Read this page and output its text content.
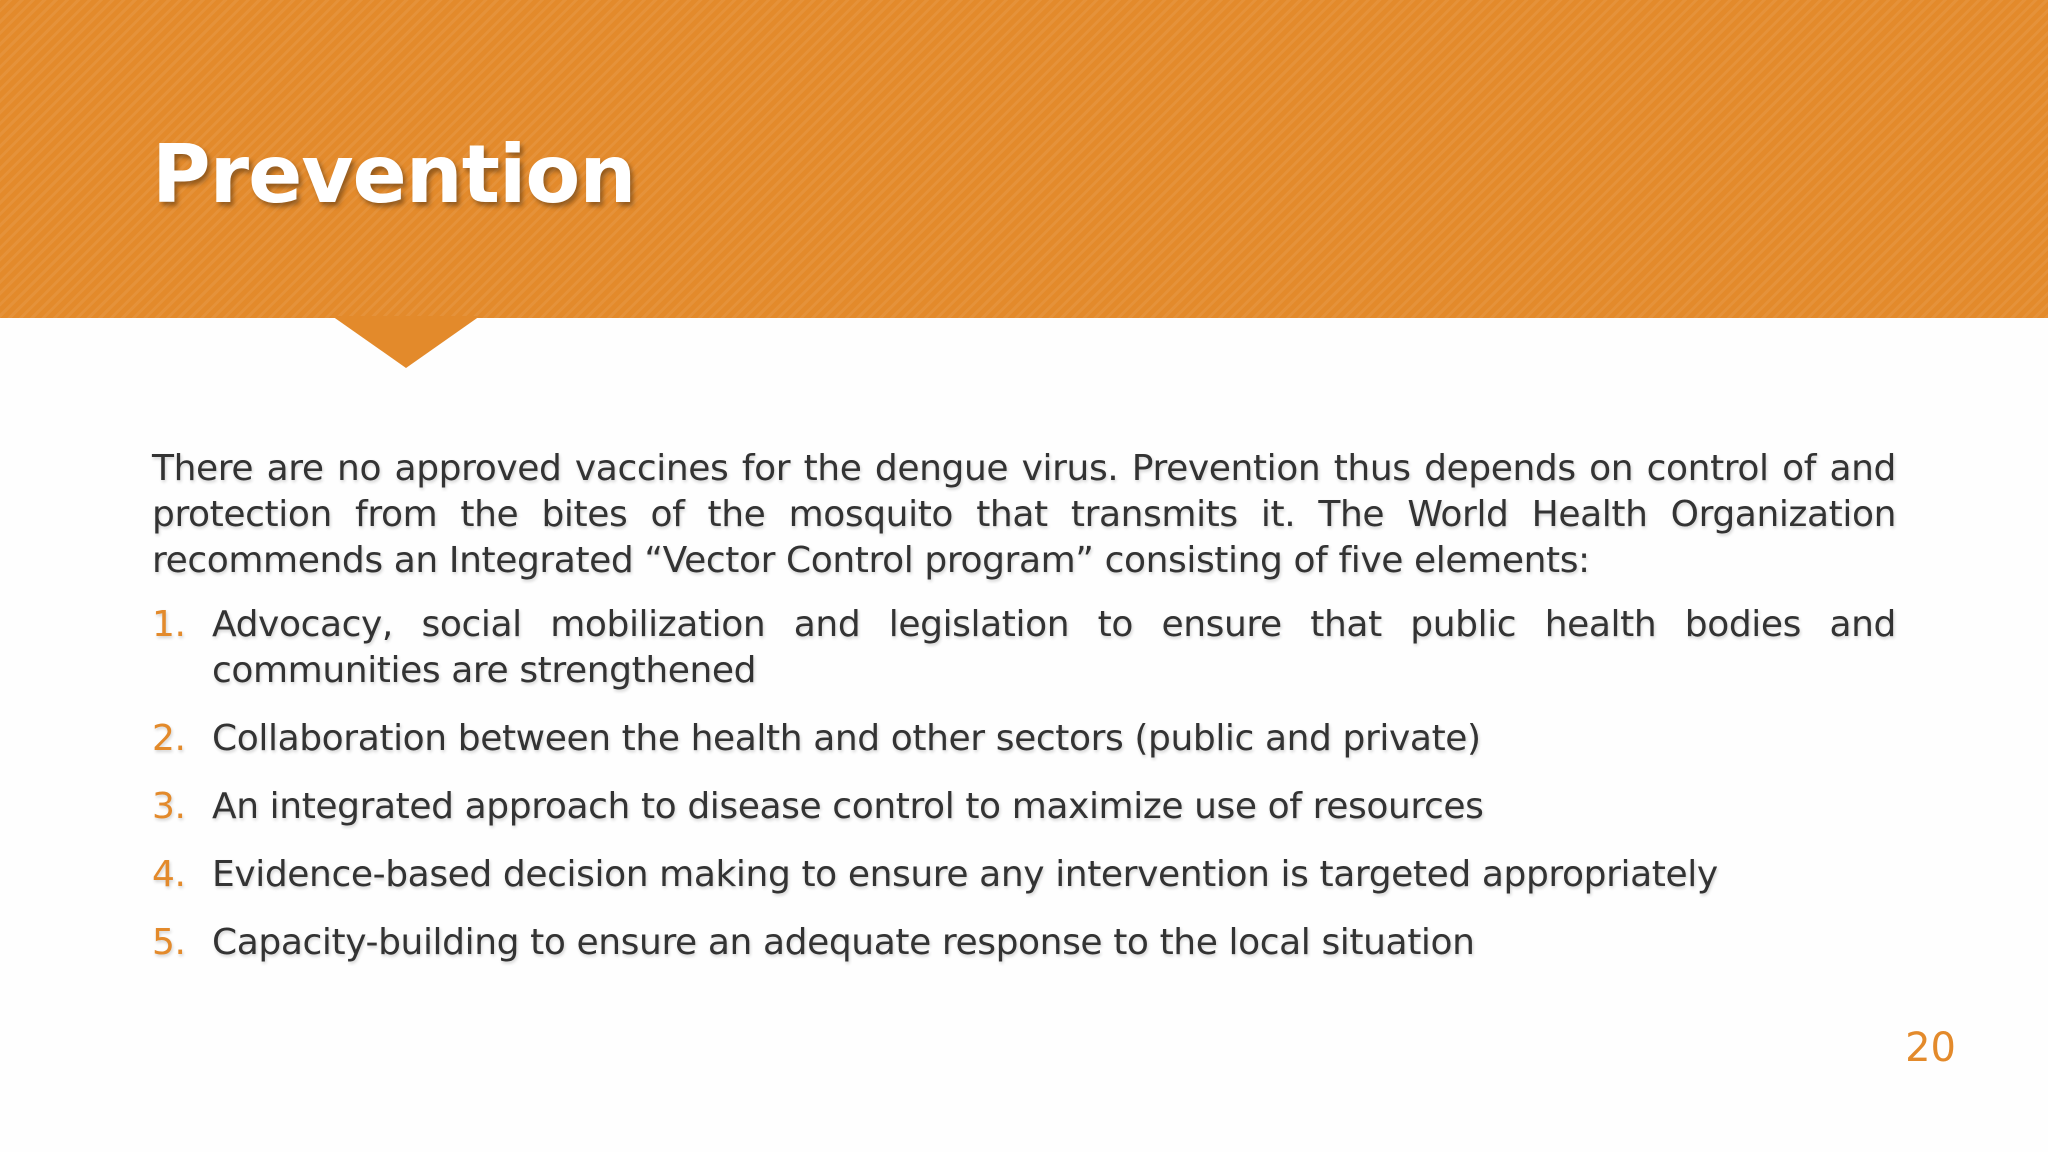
Prevention

There are no approved vaccines for the dengue virus. Prevention thus depends on control of and protection from the bites of the mosquito that transmits it. The World Health Organization recommends an Integrated “Vector Control program” consisting of five elements:

1. Advocacy, social mobilization and legislation to ensure that public health bodies and communities are strengthened
2. Collaboration between the health and other sectors (public and private)
3. An integrated approach to disease control to maximize use of resources
4. Evidence-based decision making to ensure any intervention is targeted appropriately
5. Capacity-building to ensure an adequate response to the local situation
20
